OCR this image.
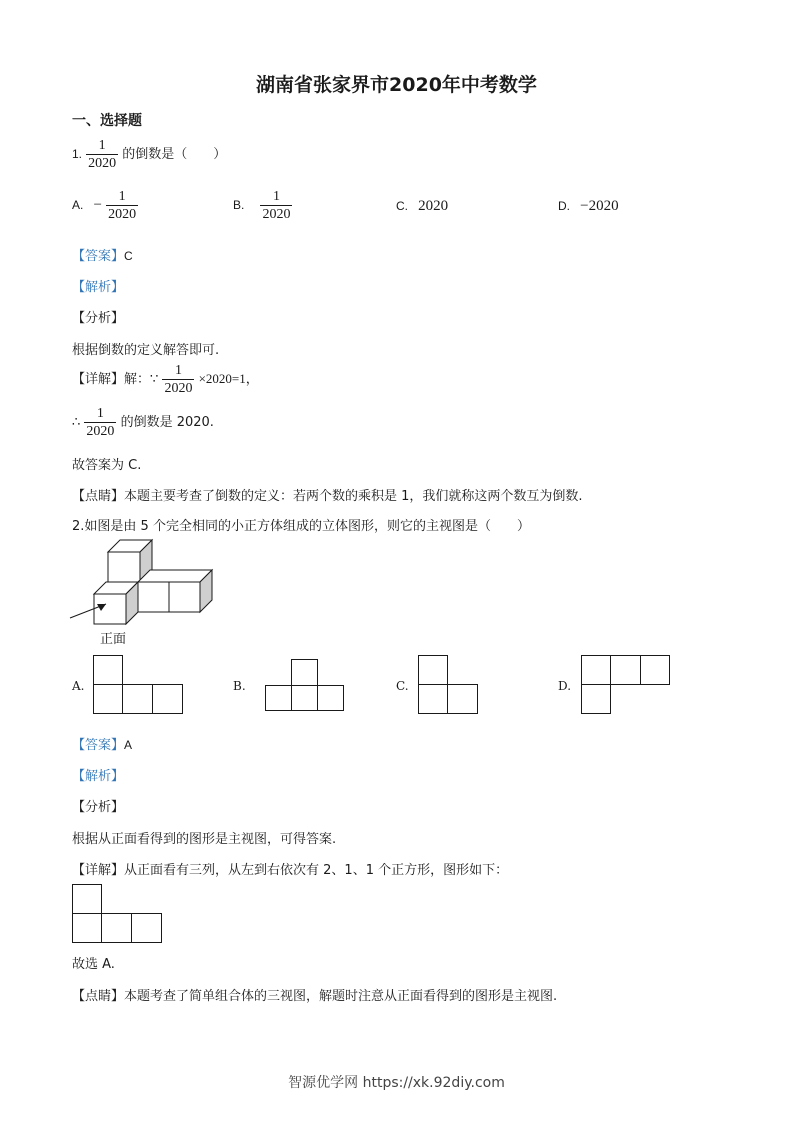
湖南省张家界市2020年中考数学
一、选择题
1. $\frac{1}{2020}$ 的倒数是（　　）
A. − $\frac{1}{2020}$	B. $\frac{1}{2020}$	C. 2020	D. −2020
【答案】C
【解析】
【分析】
根据倒数的定义解答即可.
【详解】解：∵ $\frac{1}{2020} \times 2020=1$，
∴ $\frac{1}{2020}$ 的倒数是 2020.
故答案为 C.
【点睛】本题主要考查了倒数的定义：若两个数的乘积是 1，我们就称这两个数互为倒数.
2.如图是由 5 个完全相同的小正方体组成的立体图形，则它的主视图是（　　）
正面
A.	B.	C.	D.
【答案】A
【解析】
【分析】
根据从正面看得到的图形是主视图，可得答案.
【详解】从正面看有三列，从左到右依次有 2、1、1 个正方形，图形如下：
故选 A.
【点睛】本题考查了简单组合体的三视图，解题时注意从正面看得到的图形是主视图.
智源优学网 https://xk.92diy.com
